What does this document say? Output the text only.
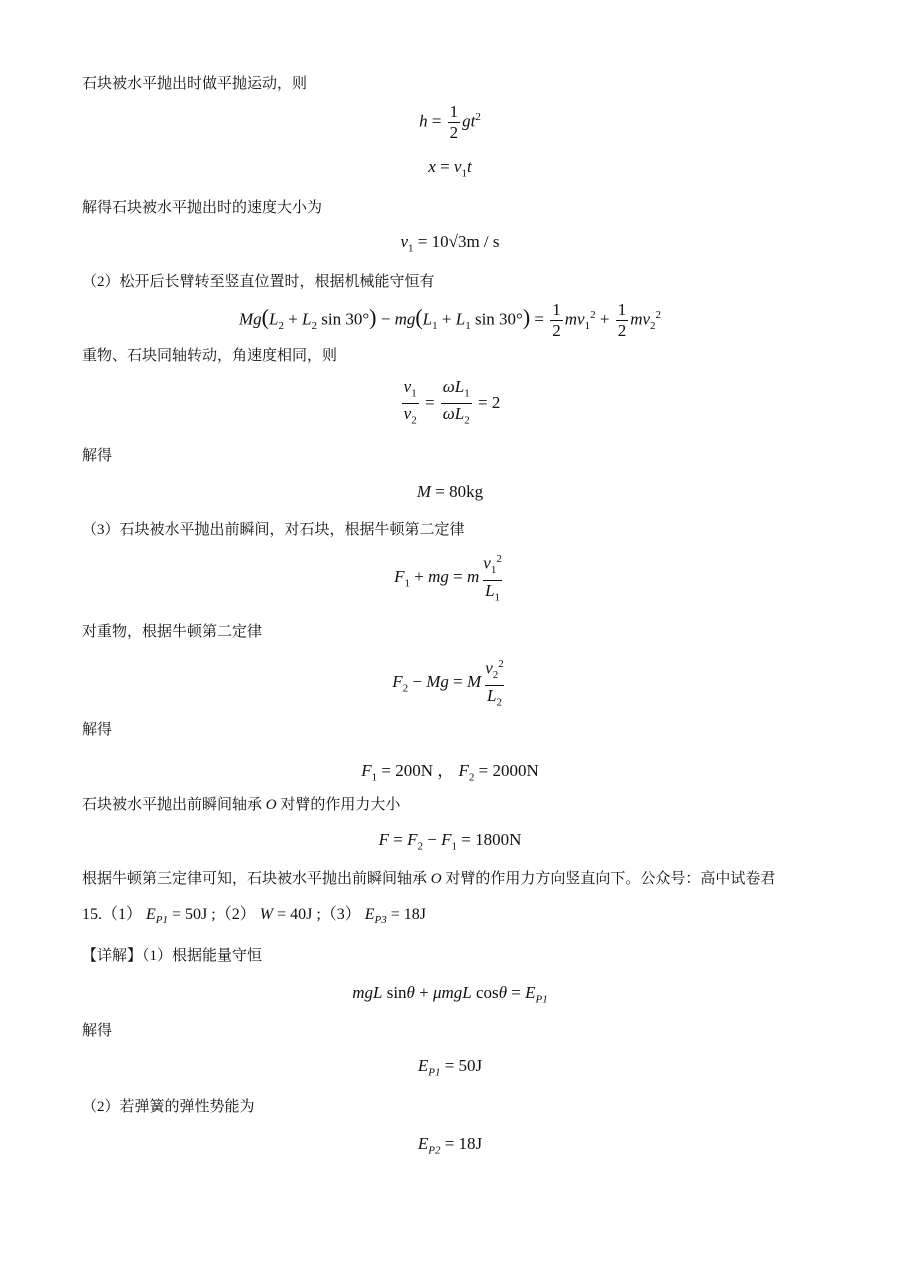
石块被水平抛出时做平抛运动，则
$h = \frac{1}{2} gt^2$
$x = v_1t$
解得石块被水平抛出时的速度大小为
$v_1 = 10√3m / s$
（2）松开后长臂转至竖直位置时，根据机械能守恒有
$Mg(L_2 + L_2$ $\sin 30^\circ) - mg(L_1 + L_1$ $\sin 30^\circ) = \frac{1}{2} mv_1^2 + \frac{1}{2} mv_2^2$
重物、石块同轴转动，角速度相同，则
$\frac{v_1}{v_2} = \frac{\omega L_1}{\omega L_2} = 2$
解得
M = 80kg
（3）石块被水平抛出前瞬间，对石块，根据牛顿第二定律
$F_1$ + mg = m $\frac{v_1^2}{L_1}$
对重物，根据牛顿第二定律
$F_2 - Mg = M \frac{v_2^2}{L_2}$
解得
$F_1 = 200N$ ， $F_2 = 2000N$
石块被水平抛出前瞬间轴承 O 对臂的作用力大小
$F = F_2 - F_1 = 1800N$
根据牛顿第三定律可知，石块被水平抛出前瞬间轴承 O 对臂的作用力方向竖直向下。公众号：高中试卷君
15.（1） $E_{P1} = 50J$ ;（2） W = 40J ;（3） $E_{P3} = 18J$
【详解】（1）根据能量守恒
mgL sinθ + μmgL $\cos\theta = E_{P1}$
解得
$E_{P1} = 50J$
（2）若弹簧的弹性势能为
$E_{P2} = 18J$
